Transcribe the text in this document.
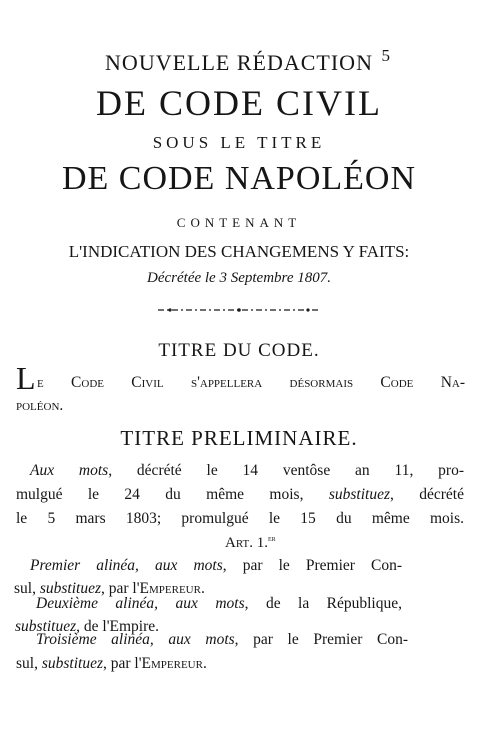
5
NOUVELLE RÉDACTION
DE CODE CIVIL
SOUS LE TITRE
DE CODE NAPOLÉON
CONTENANT
L'INDICATION DES CHANGEMENS Y FAITS:
Décrétée le 3 Septembre 1807.
TITRE DU CODE.
L e Code Civil s'appellera désormais Code Na-
poléon.
TITRE PRELIMINAIRE.
Aux mots, décrété le 14 ventôse an 11, pro-
mulgué le 24 du même mois, substituez, décrété
le 5 mars 1803; promulgué le 15 du même mois.
Art. 1.$^{er}$
Premier alinéa, aux mots, par le Premier Con-
sul, substituez, par l'Empereur.
Deuxième alinéa, aux mots, de la République,
substituez, de l'Empire.
Troisième alinéa, aux mots, par le Premier Con-
sul, substituez, par l'Empereur.
